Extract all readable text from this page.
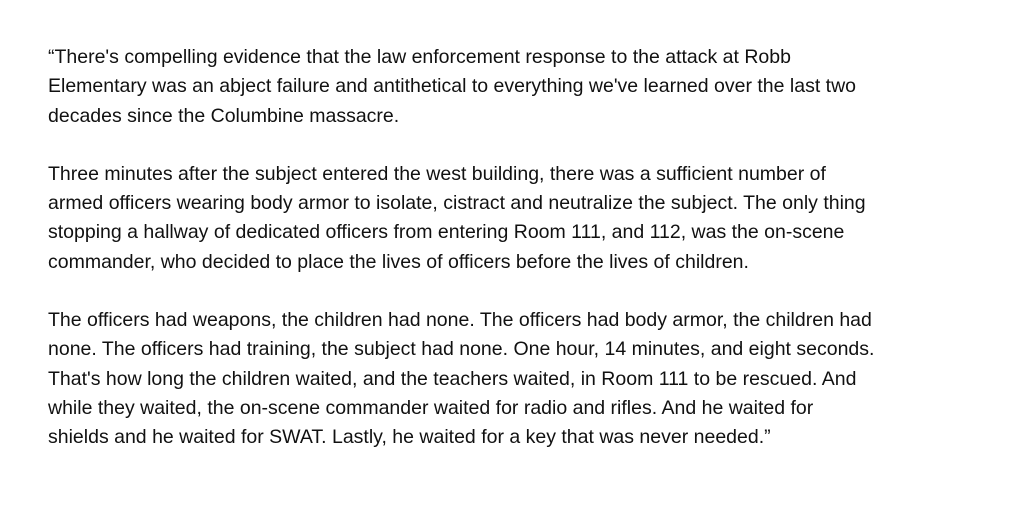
“There's compelling evidence that the law enforcement response to the attack at Robb
Elementary was an abject failure and antithetical to everything we've learned over the last two
decades since the Columbine massacre.

Three minutes after the subject entered the west building, there was a sufficient number of
armed officers wearing body armor to isolate, cistract and neutralize the subject. The only thing
stopping a hallway of dedicated officers from entering Room 111, and 112, was the on-scene
commander, who decided to place the lives of officers before the lives of children.

The officers had weapons, the children had none. The officers had body armor, the children had
none. The officers had training, the subject had none. One hour, 14 minutes, and eight seconds.
That's how long the children waited, and the teachers waited, in Room 111 to be rescued. And
while they waited, the on-scene commander waited for radio and rifles. And he waited for
shields and he waited for SWAT. Lastly, he waited for a key that was never needed.”
